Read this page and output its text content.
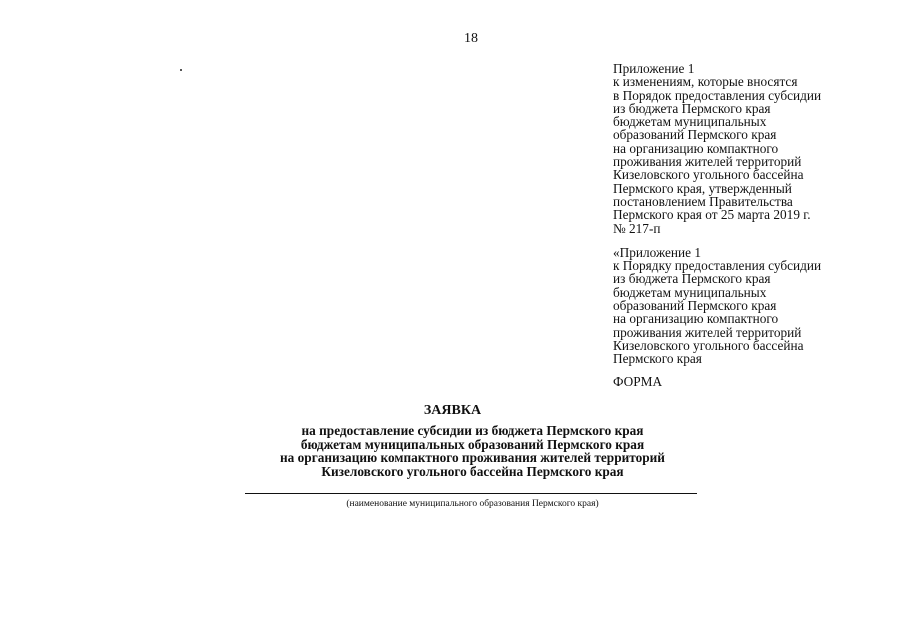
18
Приложение 1
к изменениям, которые вносятся
в Порядок предоставления субсидии
из бюджета Пермского края
бюджетам муниципальных
образований Пермского края
на организацию компактного
проживания жителей территорий
Кизеловского угольного бассейна
Пермского края, утвержденный
постановлением Правительства
Пермского края от 25 марта 2019 г.
№ 217-п
«Приложение 1
к Порядку предоставления субсидии
из бюджета Пермского края
бюджетам муниципальных
образований Пермского края
на организацию компактного
проживания жителей территорий
Кизеловского угольного бассейна
Пермского края
ФОРМА
ЗАЯВКА
на предоставление субсидии из бюджета Пермского края
бюджетам муниципальных образований Пермского края
на организацию компактного проживания жителей территорий
Кизеловского угольного бассейна Пермского края
(наименование муниципального образования Пермского края)
